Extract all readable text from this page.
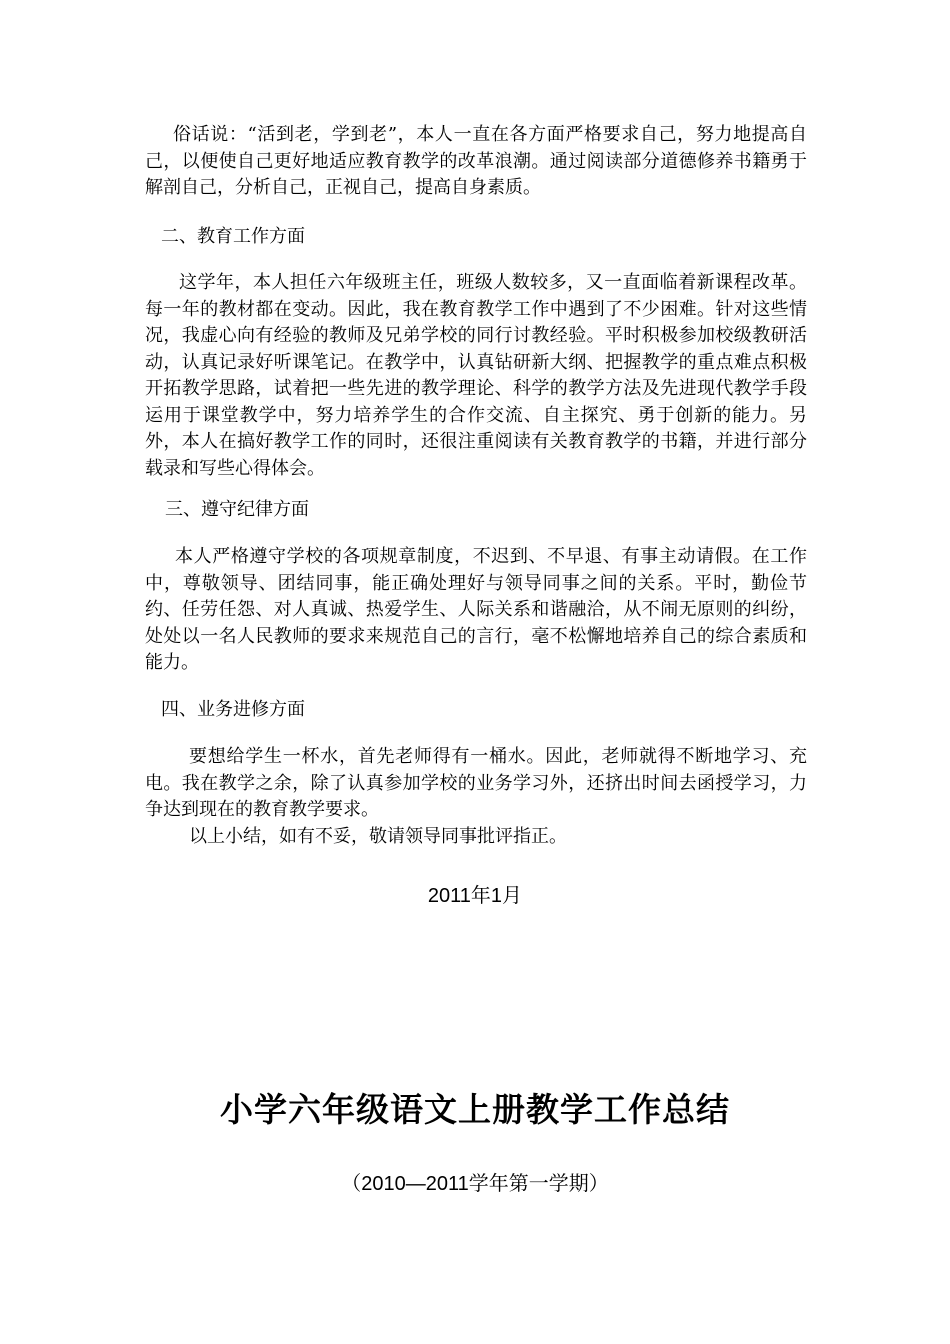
俗话说：“活到老，学到老”，本人一直在各方面严格要求自己，努力地提高自己，以便使自己更好地适应教育教学的改革浪潮。通过阅读部分道德修养书籍勇于解剖自己，分析自己，正视自己，提高自身素质。

二、教育工作方面

这学年，本人担任六年级班主任，班级人数较多，又一直面临着新课程改革。每一年的教材都在变动。因此，我在教育教学工作中遇到了不少困难。针对这些情况，我虚心向有经验的教师及兄弟学校的同行讨教经验。平时积极参加校级教研活动，认真记录好听课笔记。在教学中，认真钻研新大纲、把握教学的重点难点积极开拓教学思路，试着把一些先进的教学理论、科学的教学方法及先进现代教学手段运用于课堂教学中，努力培养学生的合作交流、自主探究、勇于创新的能力。另外，本人在搞好教学工作的同时，还很注重阅读有关教育教学的书籍，并进行部分载录和写些心得体会。

三、遵守纪律方面

本人严格遵守学校的各项规章制度，不迟到、不早退、有事主动请假。在工作中，尊敬领导、团结同事，能正确处理好与领导同事之间的关系。平时，勤俭节约、任劳任怨、对人真诚、热爱学生、人际关系和谐融洽，从不闹无原则的纠纷，处处以一名人民教师的要求来规范自己的言行，毫不松懈地培养自己的综合素质和能力。

四、业务进修方面

要想给学生一杯水，首先老师得有一桶水。因此，老师就得不断地学习、充电。我在教学之余，除了认真参加学校的业务学习外，还挤出时间去函授学习，力争达到现在的教育教学要求。

以上小结，如有不妥，敬请领导同事批评指正。

2011年1月

小学六年级语文上册教学工作总结

（2010—2011学年第一学期）
